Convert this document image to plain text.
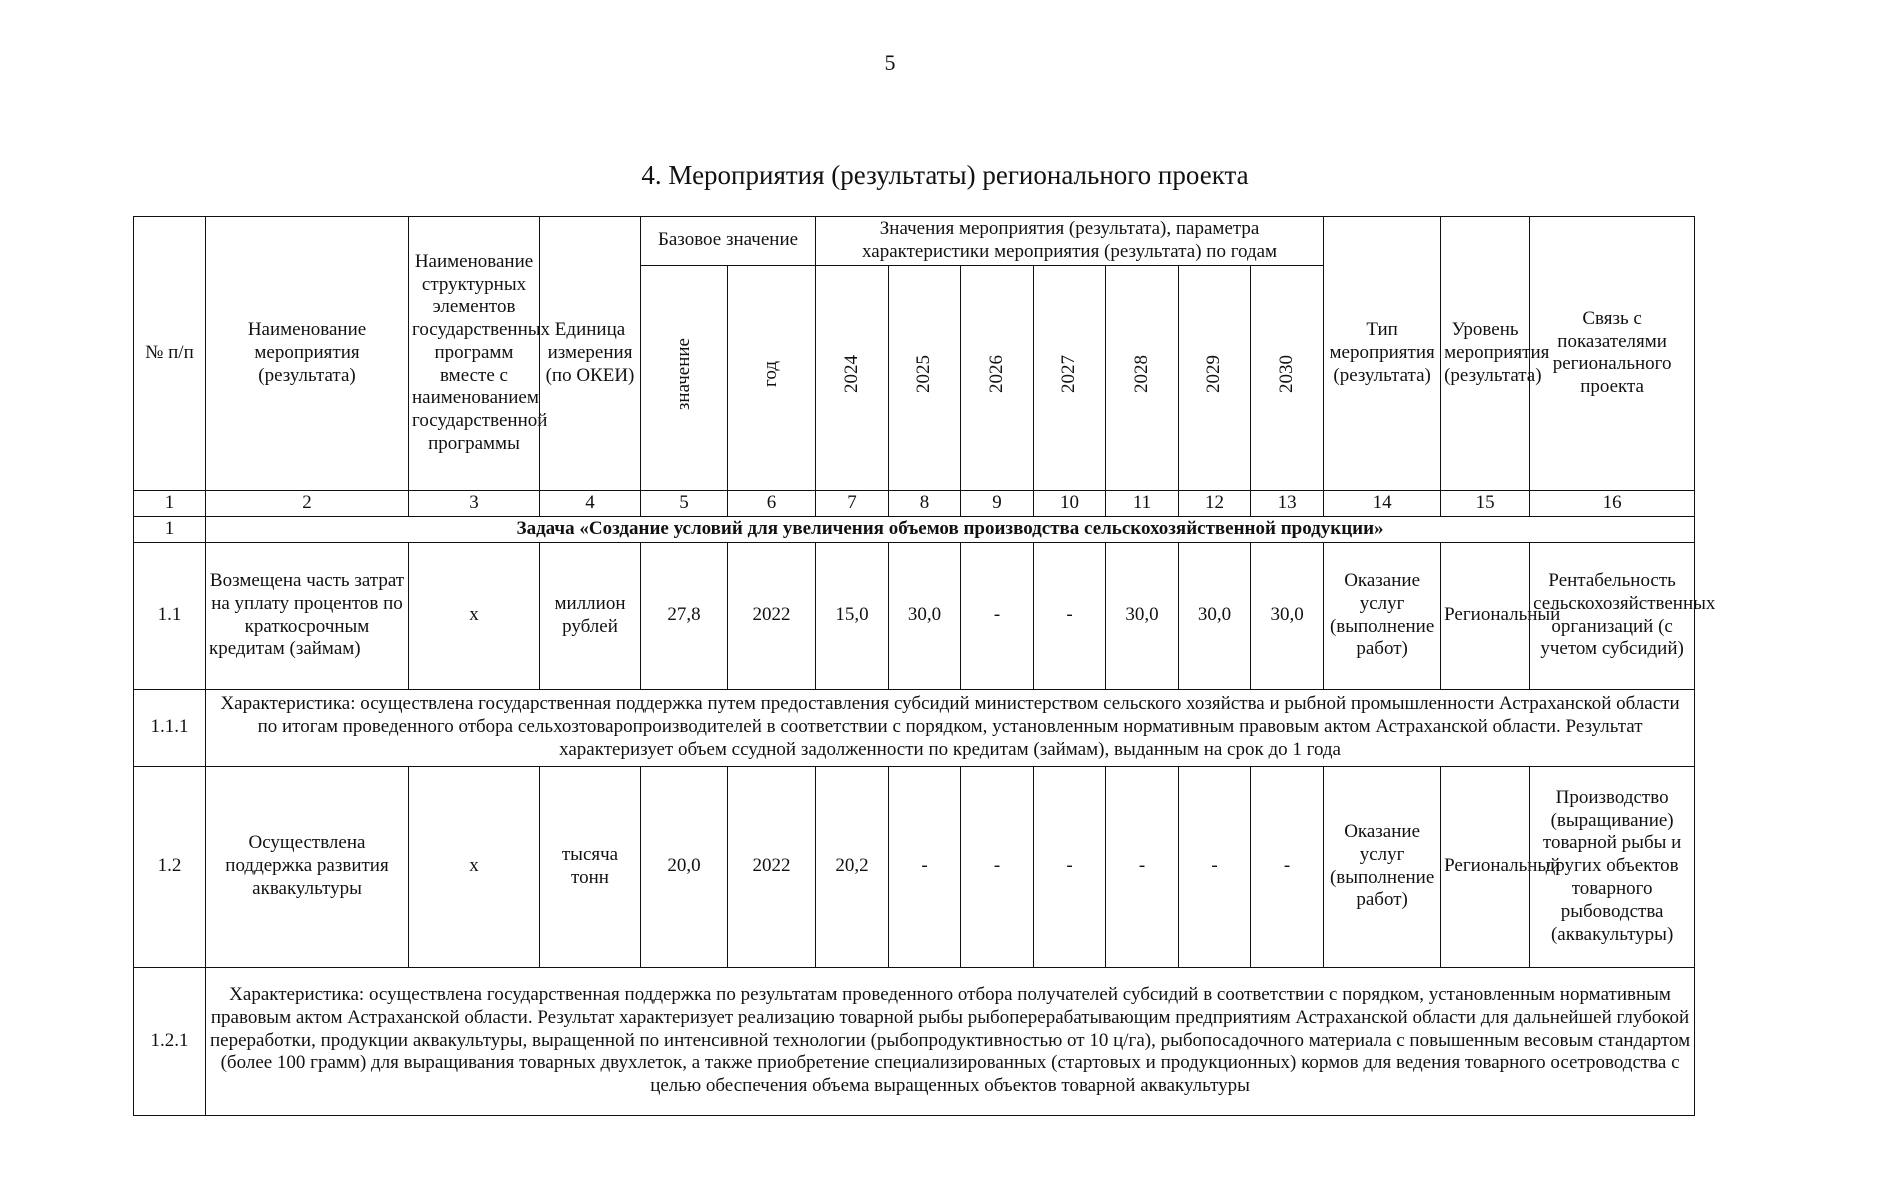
5
4. Мероприятия (результаты) регионального проекта
№ п/п	Наименование мероприятия (результата)	Наименование структурных элементов государственных программ вместе с наименованием государственной программы	Единица измерения (по ОКЕИ)	Базовое значение		Значения мероприятия (результата), параметра характеристики мероприятия (результата) по годам							Тип мероприятия (результата)	Уровень мероприятия (результата)	Связь с показателями регионального проекта
				значение	год	2024	2025	2026	2027	2028	2029	2030			
1	2	3	4	5	6	7	8	9	10	11	12	13	14	15	16
1	Задача «Создание условий для увеличения объемов производства сельскохозяйственной продукции»														
1.1	Возмещена часть затрат на уплату процентов по краткосрочным кредитам (займам)	х	миллион рублей	27,8	2022	15,0	30,0	-	-	30,0	30,0	30,0	Оказание услуг (выполнение работ)	Региональный	Рентабельность сельскохозяйственных организаций (с учетом субсидий)
1.1.1	Характеристика: осуществлена государственная поддержка путем предоставления субсидий министерством сельского хозяйства и рыбной промышленности Астраханской области по итогам проведенного отбора сельхозтоваропроизводителей в соответствии с порядком, установленным нормативным правовым актом Астраханской области. Результат характеризует объем ссудной задолженности по кредитам (займам), выданным на срок до 1 года														
1.2	Осуществлена поддержка развития аквакультуры	х	тысяча тонн	20,0	2022	20,2	-	-	-	-	-	-	Оказание услуг (выполнение работ)	Региональный	Производство (выращивание) товарной рыбы и других объектов товарного рыбоводства (аквакультуры)
1.2.1	Характеристика: осуществлена государственная поддержка по результатам проведенного отбора получателей субсидий в соответствии с порядком, установленным нормативным правовым актом Астраханской области. Результат характеризует реализацию товарной рыбы рыбоперерабатывающим предприятиям Астраханской области для дальнейшей глубокой переработки, продукции аквакультуры, выращенной по интенсивной технологии (рыбопродуктивностью от 10 ц/га), рыбопосадочного материала с повышенным весовым стандартом (более 100 грамм) для выращивания товарных двухлеток, а также приобретение специализированных (стартовых и продукционных) кормов для ведения товарного осетроводства с целью обеспечения объема выращенных объектов товарной аквакультуры														
